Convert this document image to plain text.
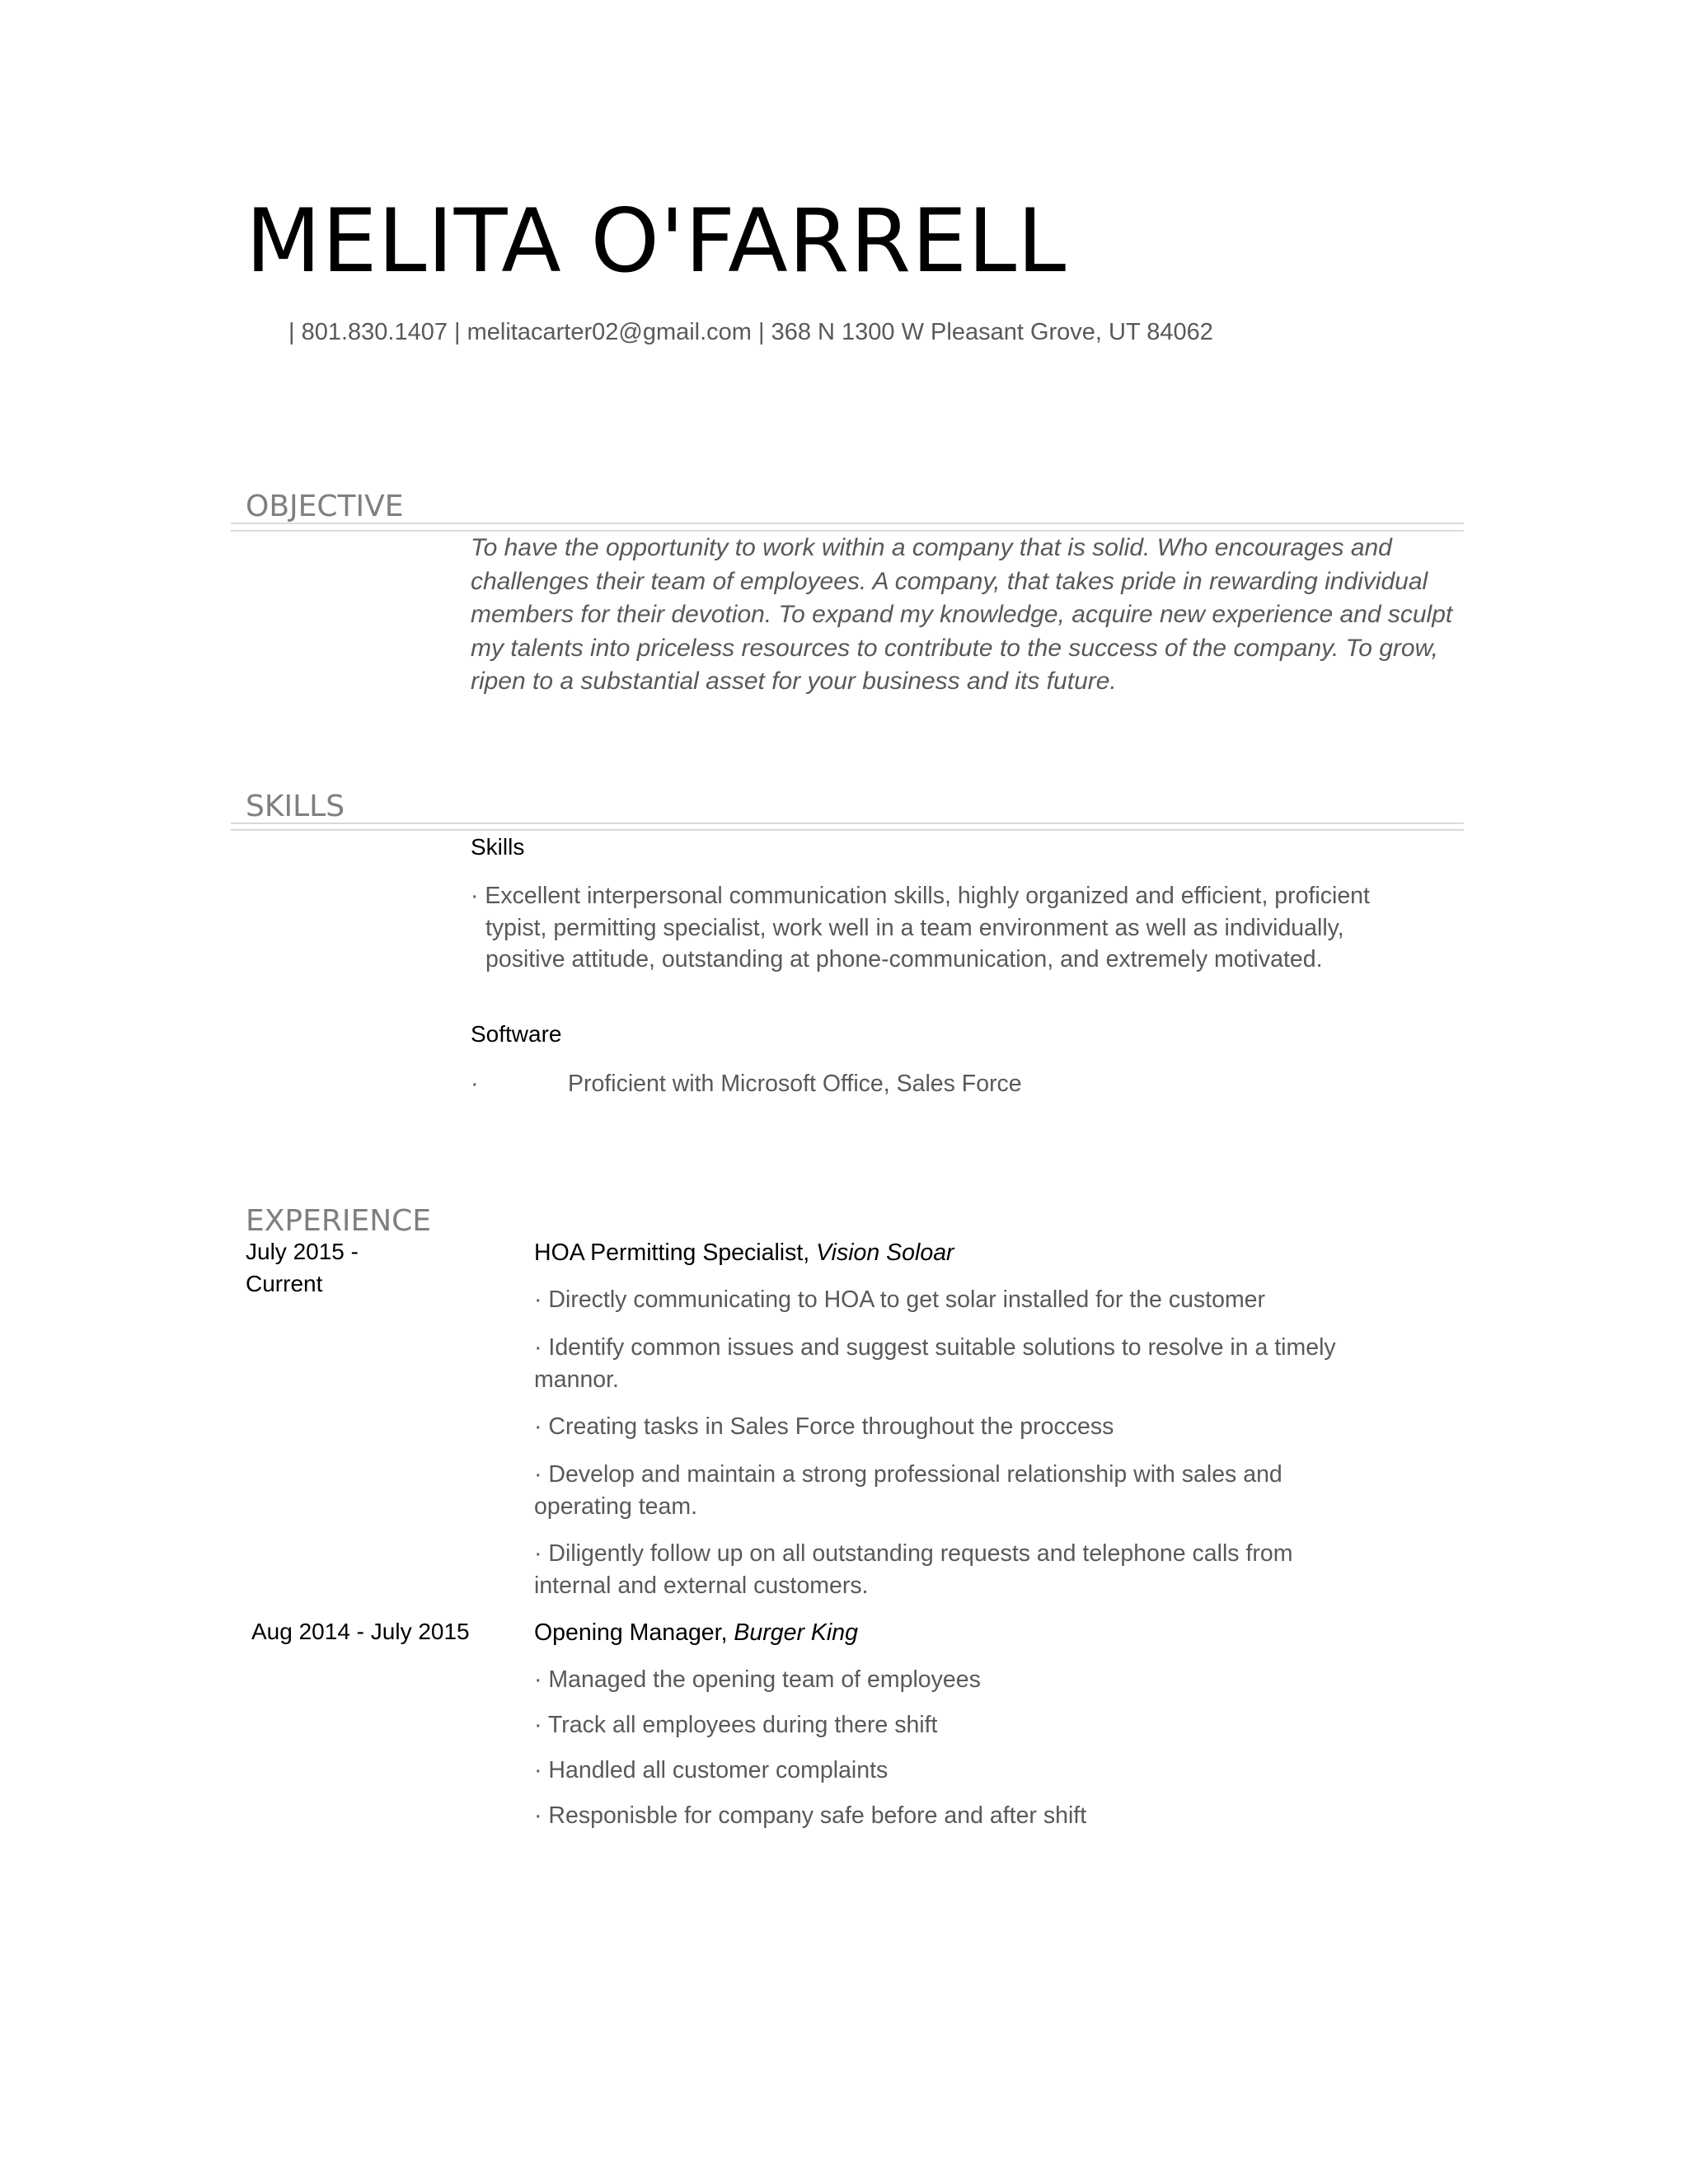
MELITA O'FARRELL
| 801.830.1407 | melitacarter02@gmail.com | 368 N 1300 W Pleasant Grove, UT 84062
OBJECTIVE
To have the opportunity to work within a company that is solid. Who encourages and challenges their team of employees. A company, that takes pride in rewarding individual members for their devotion. To expand my knowledge, acquire new experience and sculpt my talents into priceless resources to contribute to the success of the company. To grow, ripen to a substantial asset for your business and its future.
SKILLS
Skills
· Excellent interpersonal communication skills, highly organized and efficient, proficient typist, permitting specialist, work well in a team environment as well as individually, positive attitude, outstanding at phone-communication, and extremely motivated.
Software
·	Proficient with Microsoft Office, Sales Force
EXPERIENCE
July 2015 -
Current
HOA Permitting Specialist, Vision Soloar
· Directly communicating to HOA to get solar installed for the customer
· Identify common issues and suggest suitable solutions to resolve in a timely mannor.
· Creating tasks in Sales Force throughout the proccess
· Develop and maintain a strong professional relationship with sales and operating team.
· Diligently follow up on all outstanding requests and telephone calls from internal and external customers.
Aug 2014 - July 2015	Opening Manager, Burger King
· Managed the opening team of employees
· Track all employees during there shift
· Handled all customer complaints
· Responisble for company safe before and after shift
